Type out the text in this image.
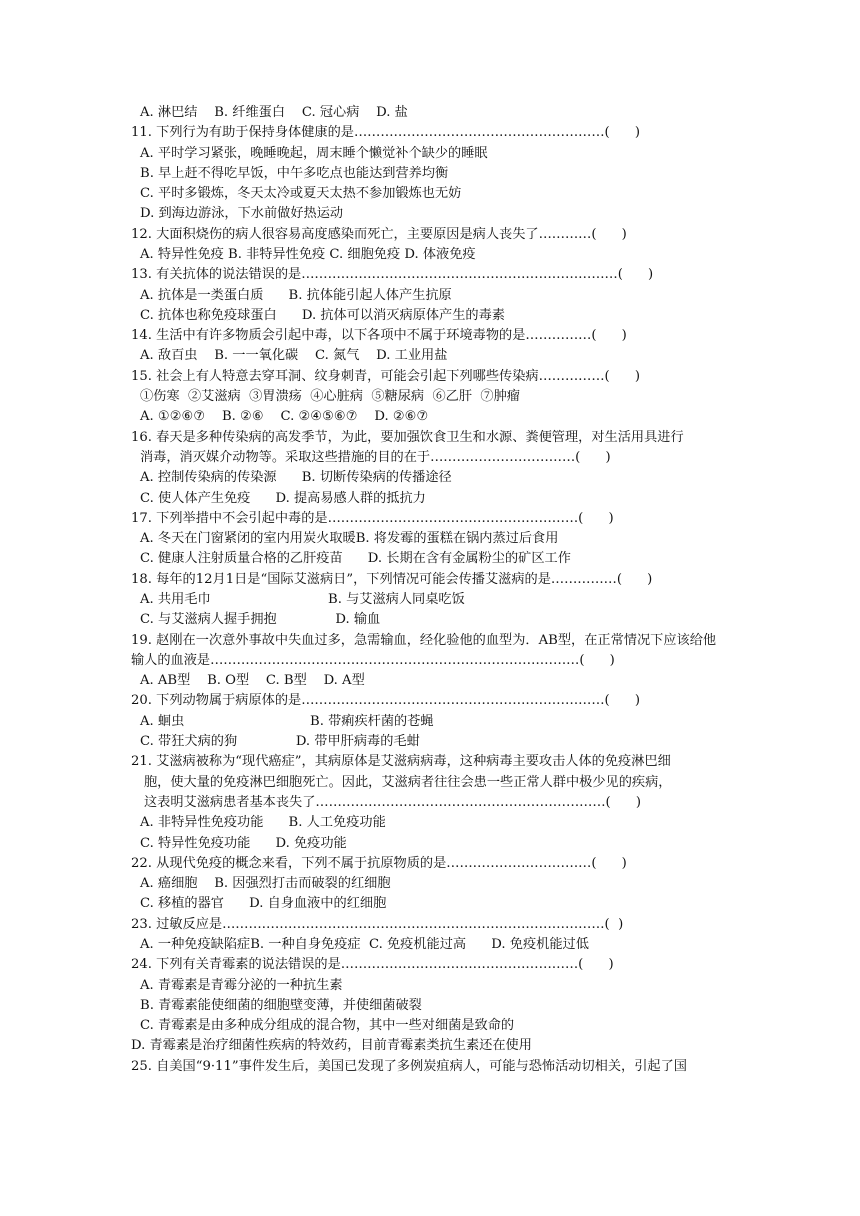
A. 淋巴结    B. 纤维蛋白    C. 冠心病    D. 盐
11. 下列行为有助于保持身体健康的是…………………………………………………(      )
A. 平时学习紧张，晚睡晚起，周末睡个懒觉补个缺少的睡眠
B. 早上赶不得吃早饭，中午多吃点也能达到营养均衡
C. 平时多锻炼，冬天太冷或夏天太热不参加锻炼也无妨
D. 到海边游泳，下水前做好热运动
12. 大面积烧伤的病人很容易高度感染而死亡，主要原因是病人丧失了…………(      )
A. 特异性免疫 B. 非特异性免疫 C. 细胞免疫 D. 体液免疫
13. 有关抗体的说法错误的是………………………………………………………………(      )
A. 抗体是一类蛋白质      B. 抗体能引起人体产生抗原
C. 抗体也称免疫球蛋白      D. 抗体可以消灭病原体产生的毒素
14. 生活中有许多物质会引起中毒，以下各项中不属于环境毒物的是……………(      )
A. 敌百虫    B. 一一氧化碳    C. 氮气    D. 工业用盐
15. 社会上有人特意去穿耳洞、纹身刺青，可能会引起下列哪些传染病……………(      )
①伤寒  ②艾滋病  ③胃溃疡  ④心脏病  ⑤糖尿病  ⑥乙肝  ⑦肿瘤
A. ①②⑥⑦    B. ②⑥    C. ②④⑤⑥⑦    D. ②⑥⑦
16. 春天是多种传染病的高发季节，为此，要加强饮食卫生和水源、粪便管理，对生活用具进行
消毒，消灭媒介动物等。采取这些措施的目的在于……………………………(      )
A. 控制传染病的传染源      B. 切断传染病的传播途径
C. 使人体产生免疫      D. 提高易感人群的抵抗力
17. 下列举措中不会引起中毒的是…………………………………………………(      )
A. 冬天在门窗紧闭的室内用炭火取暖B. 将发霉的蛋糕在锅内蒸过后食用
C. 健康人注射质量合格的乙肝疫苗      D. 长期在含有金属粉尘的矿区工作
18. 每年的12月1日是“国际艾滋病日”，下列情况可能会传播艾滋病的是……………(      )
A. 共用毛巾                            B. 与艾滋病人同桌吃饭
C. 与艾滋病人握手拥抱              D. 输血
19. 赵刚在一次意外事故中失血过多，急需输血，经化验他的血型为．AB型，在正常情况下应该给他
输人的血液是…………………………………………………………………………(      )
A. AB型    B. O型    C. B型    D. A型
20. 下列动物属于病原体的是……………………………………………………………(      )
A. 蛔虫                              B. 带痢疾杆菌的苍蝇
C. 带狂犬病的狗              D. 带甲肝病毒的毛蚶
21. 艾滋病被称为“现代癌症”，其病原体是艾滋病病毒，这种病毒主要攻击人体的免疫淋巴细
胞，使大量的免疫淋巴细胞死亡。因此，艾滋病者往往会患一些正常人群中极少见的疾病，
这表明艾滋病患者基本丧失了…………………………………………………………(      )
A. 非特异性免疫功能      B. 人工免疫功能
C. 特异性免疫功能      D. 免疫功能
22. 从现代免疫的概念来看，下列不属于抗原物质的是……………………………(      )
A. 癌细胞    B. 因强烈打击而破裂的红细胞
C. 移植的器官      D. 自身血液中的红细胞
23. 过敏反应是……………………………………………………………………………(  )
A. 一种免疫缺陷症B. 一种自身免疫症  C. 免疫机能过高      D. 免疫机能过低
24. 下列有关青霉素的说法错误的是………………………………………………(      )
A. 青霉素是青霉分泌的一种抗生素
B. 青霉素能使细菌的细胞壁变薄，并使细菌破裂
C. 青霉素是由多种成分组成的混合物，其中一些对细菌是致命的
D. 青霉素是治疗细菌性疾病的特效药，目前青霉素类抗生素还在使用
25. 自美国“9·11”事件发生后，美国已发现了多例炭疽病人，可能与恐怖活动切相关，引起了国
